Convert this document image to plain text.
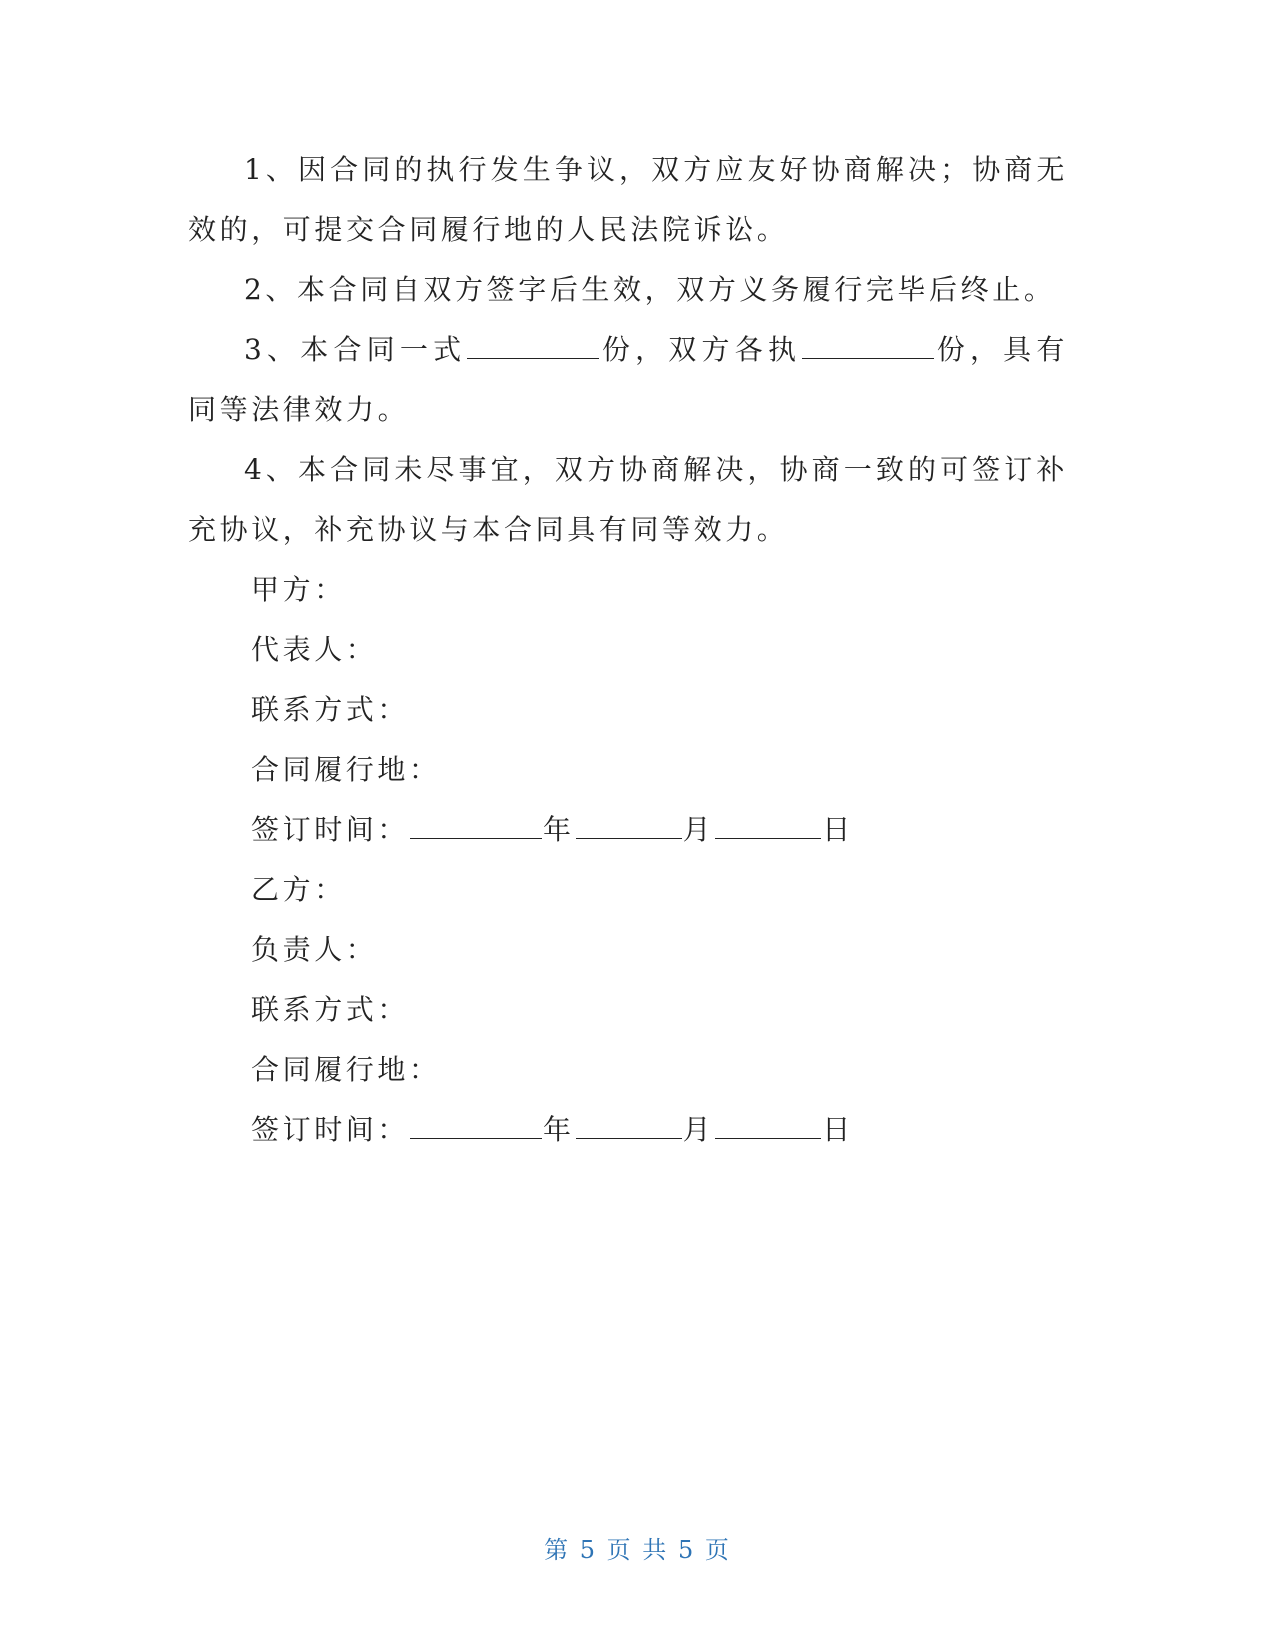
1、因合同的执行发生争议，双方应友好协商解决；协商无效的，可提交合同履行地的人民法院诉讼。

2、本合同自双方签字后生效，双方义务履行完毕后终止。

3、本合同一式	份，双方各执	份，具有同等法律效力。

4、本合同未尽事宜，双方协商解决，协商一致的可签订补充协议，补充协议与本合同具有同等效力。

甲方：

代表人：

联系方式：

合同履行地：

签订时间：	年	月	日

乙方：

负责人：

联系方式：

合同履行地：

签订时间：	年	月	日

第 5 页 共 5 页
